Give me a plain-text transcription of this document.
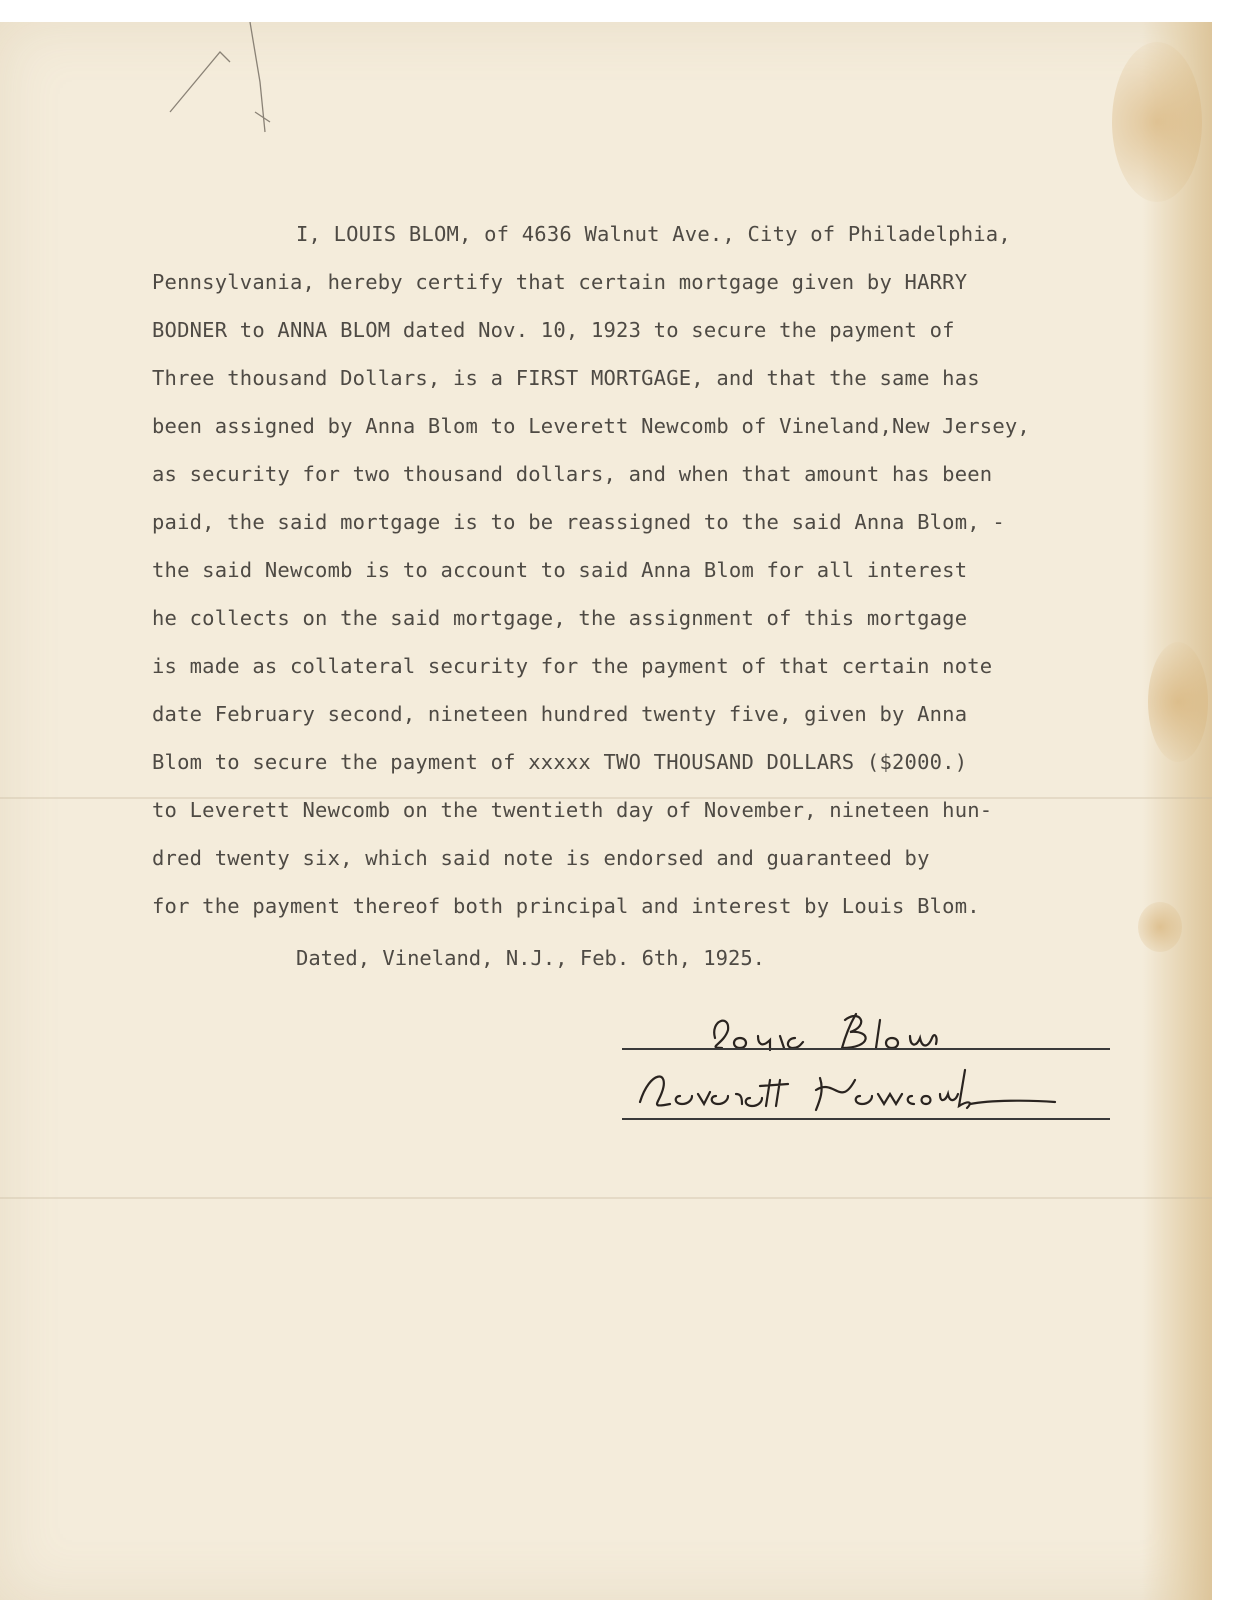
I, LOUIS BLOM, of 4636 Walnut Ave., City of Philadelphia,
Pennsylvania, hereby certify that certain mortgage given by HARRY
BODNER to ANNA BLOM dated Nov. 10, 1923 to secure the payment of
Three thousand Dollars, is a FIRST MORTGAGE, and that the same has
been assigned by Anna Blom to Leverett Newcomb of Vineland,New Jersey,
as security for two thousand dollars, and when that amount has been
paid, the said mortgage is to be reassigned to the said Anna Blom, -
the said Newcomb is to account to said Anna Blom for all interest
he collects on the said mortgage, the assignment of this mortgage
is made as collateral security for the payment of that certain note
date February second, nineteen hundred twenty five, given by Anna
Blom to secure the payment of xxxxx TWO THOUSAND DOLLARS ($2000.)
to Leverett Newcomb on the twentieth day of November, nineteen hun-
dred twenty six, which said note is endorsed and guaranteed by
for the payment thereof both principal and interest by Louis Blom.
Dated, Vineland, N.J., Feb. 6th, 1925.
